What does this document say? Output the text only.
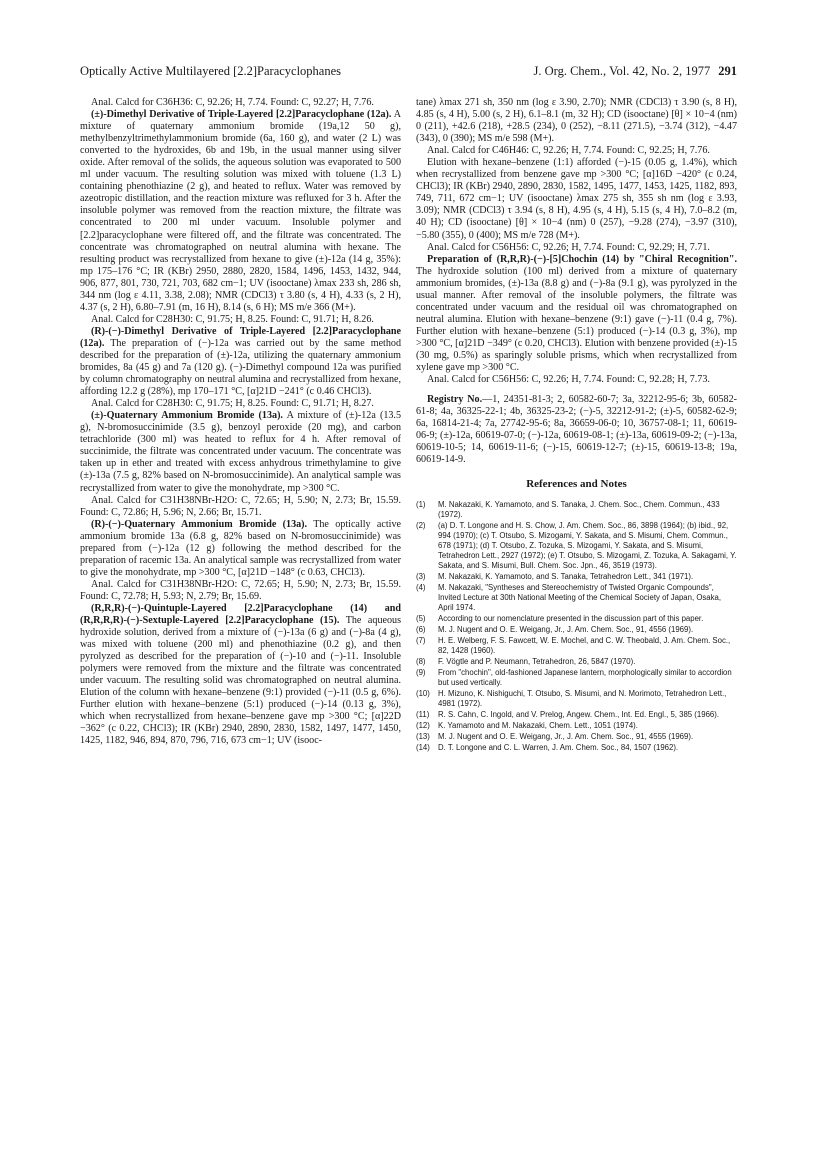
Optically Active Multilayered [2.2]Paracyclophanes	J. Org. Chem., Vol. 42, No. 2, 1977 291

Anal. Calcd for C36H36: C, 92.26; H, 7.74. Found: C, 92.27; H, 7.76.

(±)-Dimethyl Derivative of Triple-Layered [2.2]Paracyclophane (12a). A mixture of quaternary ammonium bromide (19a,12 50 g), methylbenzyltrimethylammonium bromide (6a, 160 g), and water (2 L) was converted to the hydroxides, 6b and 19b, in the usual manner using silver oxide. After removal of the solids, the aqueous solution was evaporated to 500 ml under vacuum. The resulting solution was mixed with toluene (1.3 L) containing phenothiazine (2 g), and heated to reflux. Water was removed by azeotropic distillation, and the reaction mixture was refluxed for 3 h. After the insoluble polymer was removed from the reaction mixture, the filtrate was concentrated to 200 ml under vacuum. Insoluble polymer and [2.2]paracyclophane were filtered off, and the filtrate was concentrated. The concentrate was chromatographed on neutral alumina with hexane. The resulting product was recrystallized from hexane to give (±)-12a (14 g, 35%): mp 175–176 °C; IR (KBr) 2950, 2880, 2820, 1584, 1496, 1453, 1432, 944, 906, 877, 801, 730, 721, 703, 682 cm−1; UV (isooctane) λmax 233 sh, 286 sh, 344 nm (log ε 4.11, 3.38, 2.08); NMR (CDCl3) τ 3.80 (s, 4 H), 4.33 (s, 2 H), 4.37 (s, 2 H), 6.80–7.91 (m, 16 H), 8.14 (s, 6 H); MS m/e 366 (M+).

Anal. Calcd for C28H30: C, 91.75; H, 8.25. Found: C, 91.71; H, 8.26.

(R)-(−)-Dimethyl Derivative of Triple-Layered [2.2]Paracyclophane (12a). The preparation of (−)-12a was carried out by the same method described for the preparation of (±)-12a, utilizing the quaternary ammonium bromides, 8a (45 g) and 7a (120 g). (−)-Dimethyl compound 12a was purified by column chromatography on neutral alumina and recrystallized from hexane, affording 12.2 g (28%), mp 170–171 °C, [α]21D −241° (c 0.46 CHCl3).

Anal. Calcd for C28H30: C, 91.75; H, 8.25. Found: C, 91.71; H, 8.27.

(±)-Quaternary Ammonium Bromide (13a). A mixture of (±)-12a (13.5 g), N-bromosuccinimide (3.5 g), benzoyl peroxide (20 mg), and carbon tetrachloride (300 ml) was heated to reflux for 4 h. After removal of succinimide, the filtrate was concentrated under vacuum. The concentrate was taken up in ether and treated with excess anhydrous trimethylamine to give (±)-13a (7.5 g, 82% based on N-bromosuccinimide). An analytical sample was recrystallized from water to give the monohydrate, mp >300 °C.

Anal. Calcd for C31H38NBr-H2O: C, 72.65; H, 5.90; N, 2.73; Br, 15.59. Found: C, 72.86; H, 5.96; N, 2.66; Br, 15.71.

(R)-(−)-Quaternary Ammonium Bromide (13a). The optically active ammonium bromide 13a (6.8 g, 82% based on N-bromosuccinimide) was prepared from (−)-12a (12 g) following the method described for the preparation of racemic 13a. An analytical sample was recrystallized from water to give the monohydrate, mp >300 °C, [α]21D −148° (c 0.63, CHCl3).

Anal. Calcd for C31H38NBr-H2O: C, 72.65; H, 5.90; N, 2.73; Br, 15.59. Found: C, 72.78; H, 5.93; N, 2.79; Br, 15.69.

(R,R,R)-(−)-Quintuple-Layered [2.2]Paracyclophane (14) and (R,R,R,R)-(−)-Sextuple-Layered [2.2]Paracyclophane (15). The aqueous hydroxide solution, derived from a mixture of (−)-13a (6 g) and (−)-8a (4 g), was mixed with toluene (200 ml) and phenothiazine (0.2 g), and then pyrolyzed as described for the preparation of (−)-10 and (−)-11. Insoluble polymers were removed from the mixture and the filtrate was concentrated under vacuum. The resulting solid was chromatographed on neutral alumina. Elution of the column with hexane–benzene (9:1) provided (−)-11 (0.5 g, 6%). Further elution with hexane–benzene (5:1) produced (−)-14 (0.13 g, 3%), which when recrystallized from hexane–benzene gave mp >300 °C; [α]22D −362° (c 0.22, CHCl3); IR (KBr) 2940, 2890, 2830, 1582, 1497, 1477, 1450, 1425, 1182, 946, 894, 870, 796, 716, 673 cm−1; UV (isooc-

tane) λmax 271 sh, 350 nm (log ε 3.90, 2.70); NMR (CDCl3) τ 3.90 (s, 8 H), 4.85 (s, 4 H), 5.00 (s, 2 H), 6.1–8.1 (m, 32 H); CD (isooctane) [θ] × 10−4 (nm) 0 (211), +42.6 (218), +28.5 (234), 0 (252), −8.11 (271.5), −3.74 (312), −4.47 (343), 0 (390); MS m/e 598 (M+).

Anal. Calcd for C46H46: C, 92.26; H, 7.74. Found: C, 92.25; H, 7.76.

Elution with hexane–benzene (1:1) afforded (−)-15 (0.05 g, 1.4%), which when recrystallized from benzene gave mp >300 °C; [α]16D −420° (c 0.24, CHCl3); IR (KBr) 2940, 2890, 2830, 1582, 1495, 1477, 1453, 1425, 1182, 893, 749, 711, 672 cm−1; UV (isooctane) λmax 275 sh, 355 sh nm (log ε 3.93, 3.09); NMR (CDCl3) τ 3.94 (s, 8 H), 4.95 (s, 4 H), 5.15 (s, 4 H), 7.0–8.2 (m, 40 H); CD (isooctane) [θ] × 10−4 (nm) 0 (257), −9.28 (274), −3.97 (310), −5.80 (355), 0 (400); MS m/e 728 (M+).

Anal. Calcd for C56H56: C, 92.26; H, 7.74. Found: C, 92.29; H, 7.71.

Preparation of (R,R,R)-(−)-[5]Chochin (14) by "Chiral Recognition". The hydroxide solution (100 ml) derived from a mixture of quaternary ammonium bromides, (±)-13a (8.8 g) and (−)-8a (9.1 g), was pyrolyzed in the usual manner. After removal of the insoluble polymers, the filtrate was concentrated under vacuum and the residual oil was chromatographed on neutral alumina. Elution with hexane–benzene (9:1) gave (−)-11 (0.4 g, 7%). Further elution with hexane–benzene (5:1) produced (−)-14 (0.3 g, 3%), mp >300 °C, [α]21D −349° (c 0.20, CHCl3). Elution with benzene provided (±)-15 (30 mg, 0.5%) as sparingly soluble prisms, which when recrystallized from xylene gave mp >300 °C.

Anal. Calcd for C56H56: C, 92.26; H, 7.74. Found: C, 92.28; H, 7.73.

Registry No.—1, 24351-81-3; 2, 60582-60-7; 3a, 32212-95-6; 3b, 60582-61-8; 4a, 36325-22-1; 4b, 36325-23-2; (−)-5, 32212-91-2; (±)-5, 60582-62-9; 6a, 16814-21-4; 7a, 27742-95-6; 8a, 36659-06-0; 10, 36757-08-1; 11, 60619-06-9; (±)-12a, 60619-07-0; (−)-12a, 60619-08-1; (±)-13a, 60619-09-2; (−)-13a, 60619-10-5; 14, 60619-11-6; (−)-15, 60619-12-7; (±)-15, 60619-13-8; 19a, 60619-14-9.

References and Notes
(1) M. Nakazaki, K. Yamamoto, and S. Tanaka, J. Chem. Soc., Chem. Commun., 433 (1972).
(2) (a) D. T. Longone and H. S. Chow, J. Am. Chem. Soc., 86, 3898 (1964); (b) ibid., 92, 994 (1970); (c) T. Otsubo, S. Mizogami, Y. Sakata, and S. Misumi, Chem. Commun., 678 (1971); (d) T. Otsubo, Z. Tozuka, S. Mizogami, Y. Sakata, and S. Misumi, Tetrahedron Lett., 2927 (1972); (e) T. Otsubo, S. Mizogami, Z. Tozuka, A. Sakagami, Y. Sakata, and S. Misumi, Bull. Chem. Soc. Jpn., 46, 3519 (1973).
(3) M. Nakazaki, K. Yamamoto, and S. Tanaka, Tetrahedron Lett., 341 (1971).
(4) M. Nakazaki, "Syntheses and Stereochemistry of Twisted Organic Compounds", Invited Lecture at 30th National Meeting of the Chemical Society of Japan, Osaka, April 1974.
(5) According to our nomenclature presented in the discussion part of this paper.
(6) M. J. Nugent and O. E. Weigang, Jr., J. Am. Chem. Soc., 91, 4556 (1969).
(7) H. E. Welberg, F. S. Fawcett, W. E. Mochel, and C. W. Theobald, J. Am. Chem. Soc., 82, 1428 (1960).
(8) F. Vögtle and P. Neumann, Tetrahedron, 26, 5847 (1970).
(9) From "chochin", old-fashioned Japanese lantern, morphologically similar to accordion but used vertically.
(10) H. Mizuno, K. Nishiguchi, T. Otsubo, S. Misumi, and N. Morimoto, Tetrahedron Lett., 4981 (1972).
(11) R. S. Cahn, C. Ingold, and V. Prelog, Angew. Chem., Int. Ed. Engl., 5, 385 (1966).
(12) K. Yamamoto and M. Nakazaki, Chem. Lett., 1051 (1974).
(13) M. J. Nugent and O. E. Weigang, Jr., J. Am. Chem. Soc., 91, 4555 (1969).
(14) D. T. Longone and C. L. Warren, J. Am. Chem. Soc., 84, 1507 (1962).
